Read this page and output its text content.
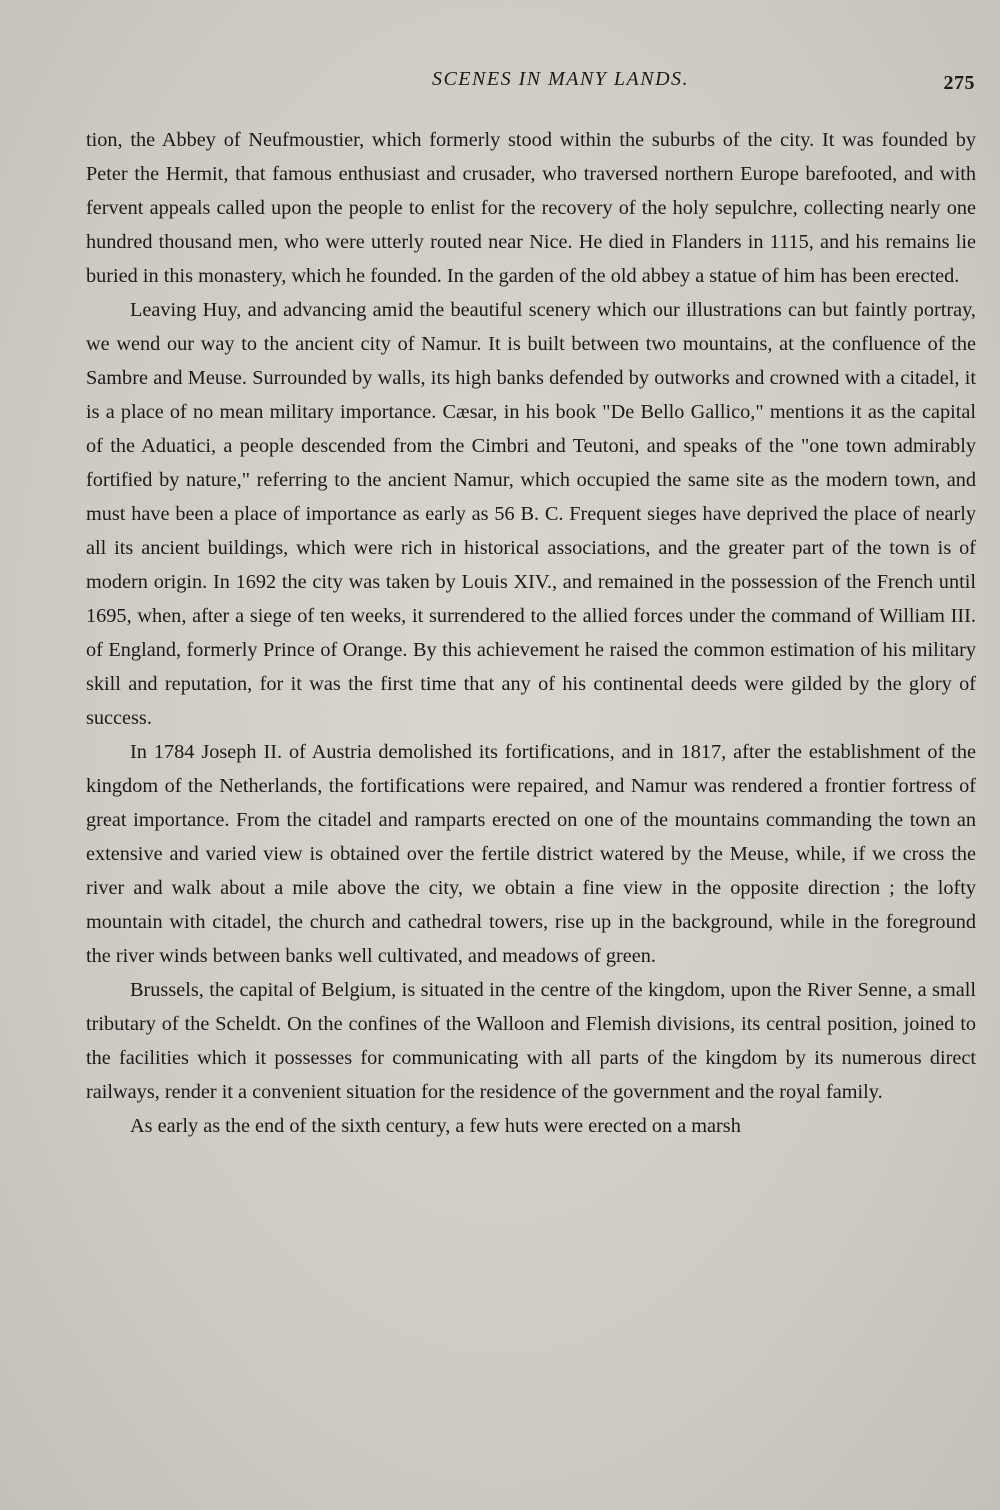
SCENES IN MANY LANDS.	275

tion, the Abbey of Neufmoustier, which formerly stood within the suburbs of the city. It was founded by Peter the Hermit, that famous enthusiast and crusader, who traversed northern Europe barefooted, and with fervent appeals called upon the people to enlist for the recovery of the holy sepulchre, collecting nearly one hundred thousand men, who were utterly routed near Nice. He died in Flanders in 1115, and his remains lie buried in this monastery, which he founded. In the garden of the old abbey a statue of him has been erected.

Leaving Huy, and advancing amid the beautiful scenery which our illustrations can but faintly portray, we wend our way to the ancient city of Namur. It is built between two mountains, at the confluence of the Sambre and Meuse. Surrounded by walls, its high banks defended by outworks and crowned with a citadel, it is a place of no mean military importance. Cæsar, in his book "De Bello Gallico," mentions it as the capital of the Aduatici, a people descended from the Cimbri and Teutoni, and speaks of the "one town admirably fortified by nature," referring to the ancient Namur, which occupied the same site as the modern town, and must have been a place of importance as early as 56 B. C. Frequent sieges have deprived the place of nearly all its ancient buildings, which were rich in historical associations, and the greater part of the town is of modern origin. In 1692 the city was taken by Louis XIV., and remained in the possession of the French until 1695, when, after a siege of ten weeks, it surrendered to the allied forces under the command of William III. of England, formerly Prince of Orange. By this achievement he raised the common estimation of his military skill and reputation, for it was the first time that any of his continental deeds were gilded by the glory of success.

In 1784 Joseph II. of Austria demolished its fortifications, and in 1817, after the establishment of the kingdom of the Netherlands, the fortifications were repaired, and Namur was rendered a frontier fortress of great importance. From the citadel and ramparts erected on one of the mountains commanding the town an extensive and varied view is obtained over the fertile district watered by the Meuse, while, if we cross the river and walk about a mile above the city, we obtain a fine view in the opposite direction ; the lofty mountain with citadel, the church and cathedral towers, rise up in the background, while in the foreground the river winds between banks well cultivated, and meadows of green.

Brussels, the capital of Belgium, is situated in the centre of the kingdom, upon the River Senne, a small tributary of the Scheldt. On the confines of the Walloon and Flemish divisions, its central position, joined to the facilities which it possesses for communicating with all parts of the kingdom by its numerous direct railways, render it a convenient situation for the residence of the government and the royal family.

As early as the end of the sixth century, a few huts were erected on a marsh
